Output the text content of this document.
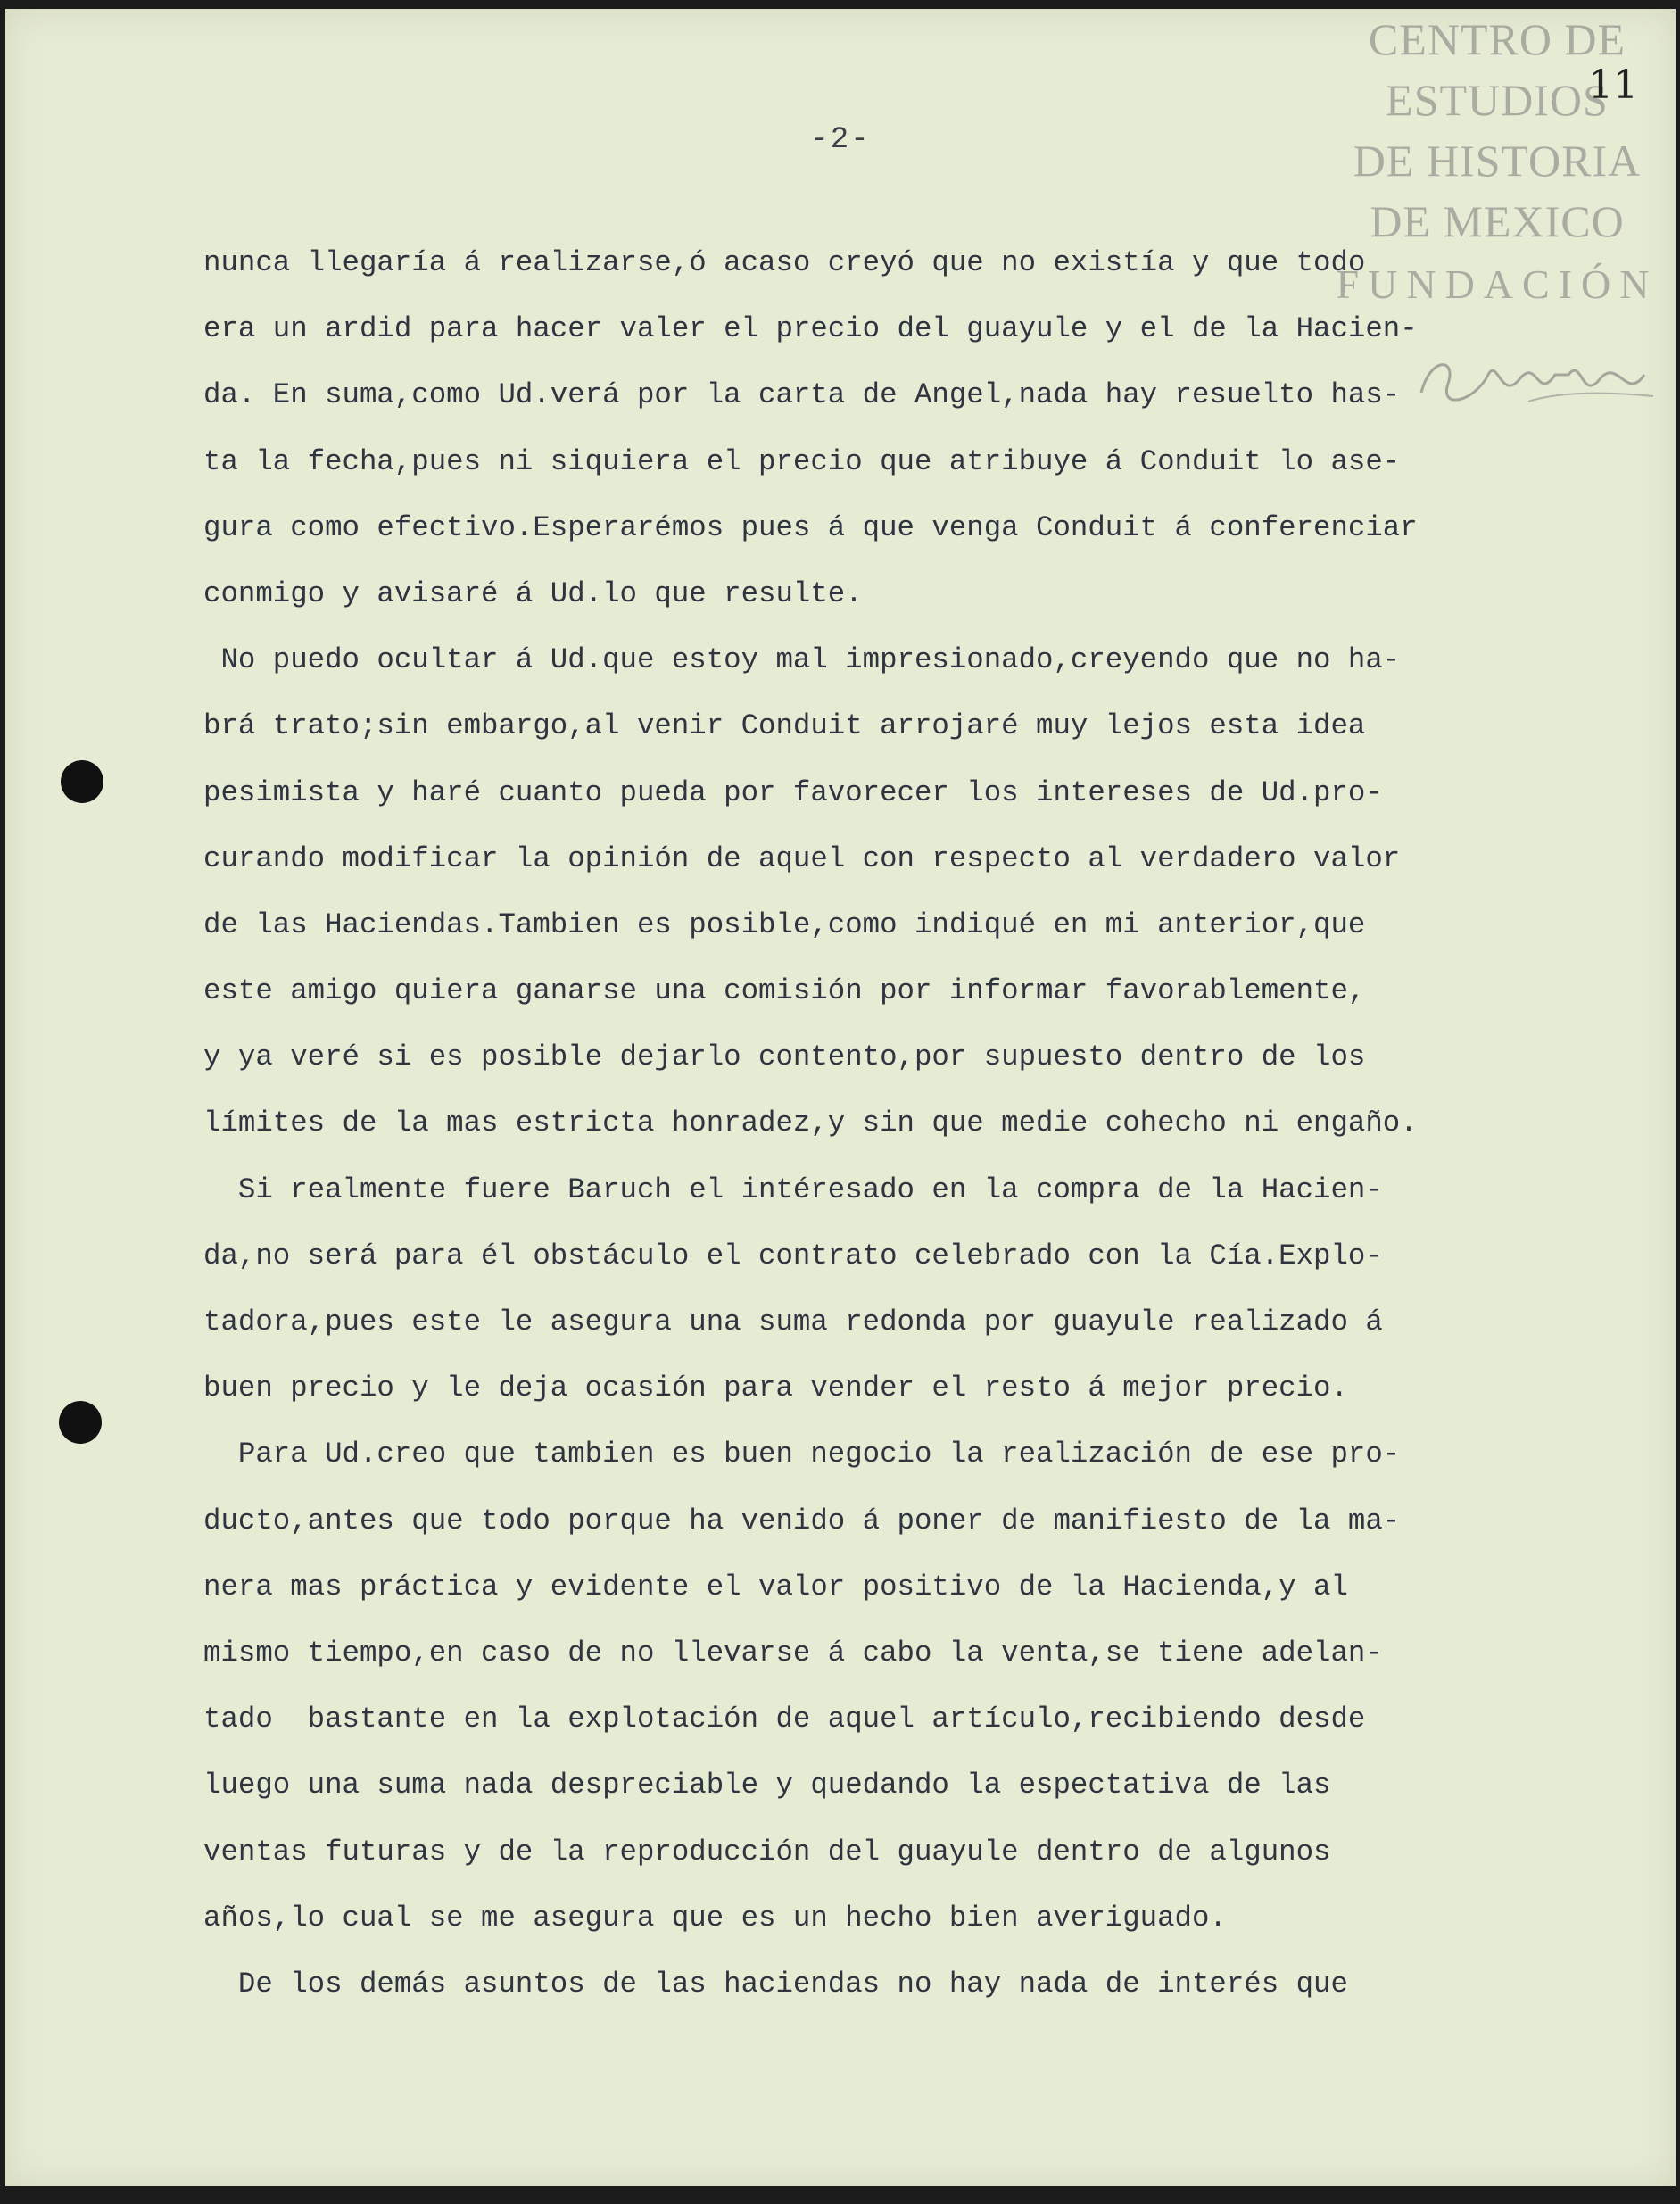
-2-
nunca llegaría á realizarse,ó acaso creyó que no existía y que todo
era un ardid para hacer valer el precio del guayule y el de la Hacien-
da. En suma,como Ud.verá por la carta de Angel,nada hay resuelto has-
ta la fecha,pues ni siquiera el precio que atribuye á Conduit lo ase-
gura como efectivo.Esperarémos pues á que venga Conduit á conferenciar
conmigo y avisaré á Ud.lo que resulte.
No puedo ocultar á Ud.que estoy mal impresionado,creyendo que no ha-
brá trato;sin embargo,al venir Conduit arrojaré muy lejos esta idea
pesimista y haré cuanto pueda por favorecer los intereses de Ud.pro-
curando modificar la opinión de aquel con respecto al verdadero valor
de las Haciendas.Tambien es posible,como indiqué en mi anterior,que
este amigo quiera ganarse una comisión por informar favorablemente,
y ya veré si es posible dejarlo contento,por supuesto dentro de los
límites de la mas estricta honradez,y sin que medie cohecho ni engaño.
Si realmente fuere Baruch el intéresado en la compra de la Hacien-
da,no será para él obstáculo el contrato celebrado con la Cía.Explo-
tadora,pues este le asegura una suma redonda por guayule realizado á
buen precio y le deja ocasión para vender el resto á mejor precio.
Para Ud.creo que tambien es buen negocio la realización de ese pro-
ducto,antes que todo porque ha venido á poner de manifiesto de la ma-
nera mas práctica y evidente el valor positivo de la Hacienda,y al
mismo tiempo,en caso de no llevarse á cabo la venta,se tiene adelan-
tado  bastante en la explotación de aquel artículo,recibiendo desde
luego una suma nada despreciable y quedando la espectativa de las
ventas futuras y de la reproducción del guayule dentro de algunos
años,lo cual se me asegura que es un hecho bien averiguado.
De los demás asuntos de las haciendas no hay nada de interés que
CENTRO DE
ESTUDIOS
DE HISTORIA
DE MEXICO
FUNDACIÓN
11
